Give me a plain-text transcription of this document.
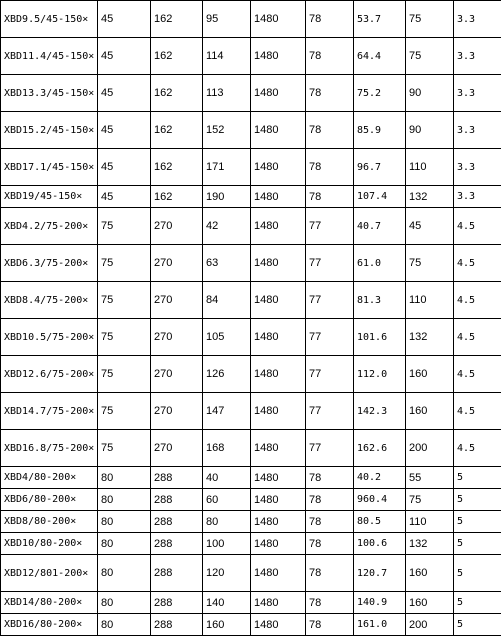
XBD9.5/45-150×	45	162	95	1480	78	53.7	75	3.3
XBD11.4/45-150×	45	162	114	1480	78	64.4	75	3.3
XBD13.3/45-150×	45	162	113	1480	78	75.2	90	3.3
XBD15.2/45-150×	45	162	152	1480	78	85.9	90	3.3
XBD17.1/45-150×	45	162	171	1480	78	96.7	110	3.3
XBD19/45-150×	45	162	190	1480	78	107.4	132	3.3
XBD4.2/75-200×	75	270	42	1480	77	40.7	45	4.5
XBD6.3/75-200×	75	270	63	1480	77	61.0	75	4.5
XBD8.4/75-200×	75	270	84	1480	77	81.3	110	4.5
XBD10.5/75-200×	75	270	105	1480	77	101.6	132	4.5
XBD12.6/75-200×	75	270	126	1480	77	112.0	160	4.5
XBD14.7/75-200×	75	270	147	1480	77	142.3	160	4.5
XBD16.8/75-200×	75	270	168	1480	77	162.6	200	4.5
XBD4/80-200×	80	288	40	1480	78	40.2	55	5
XBD6/80-200×	80	288	60	1480	78	960.4	75	5
XBD8/80-200×	80	288	80	1480	78	80.5	110	5
XBD10/80-200×	80	288	100	1480	78	100.6	132	5
XBD12/801-200×	80	288	120	1480	78	120.7	160	5
XBD14/80-200×	80	288	140	1480	78	140.9	160	5
XBD16/80-200×	80	288	160	1480	78	161.0	200	5
